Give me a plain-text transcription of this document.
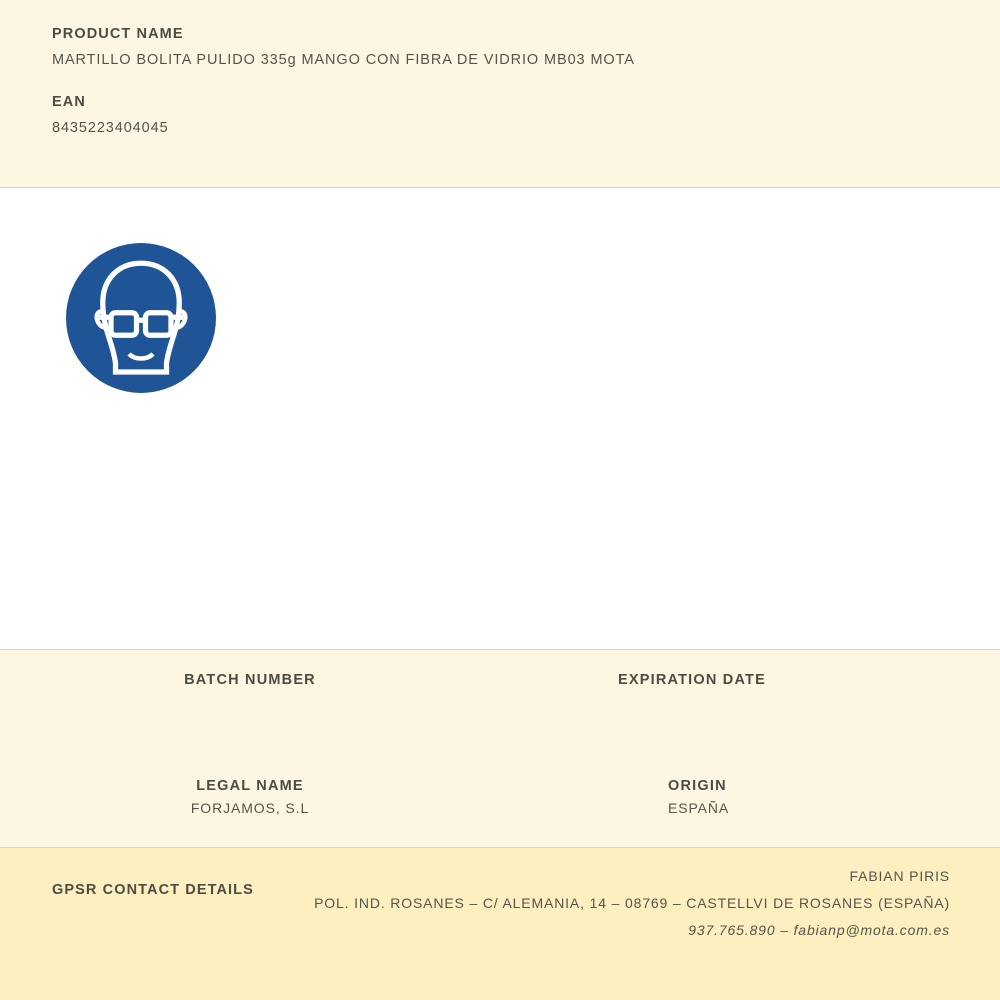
PRODUCT NAME

MARTILLO BOLITA PULIDO 335g MANGO CON FIBRA DE VIDRIO MB03 MOTA

EAN

8435223404045

BATCH NUMBER	EXPIRATION DATE

LEGAL NAME

FORJAMOS, S.L

ORIGIN

ESPAÑA

GPSR CONTACT DETAILS
FABIAN PIRIS
POL. IND. ROSANES – C/ ALEMANIA, 14 – 08769 – CASTELLVI DE ROSANES (ESPAÑA)
937.765.890 – fabianp@mota.com.es
